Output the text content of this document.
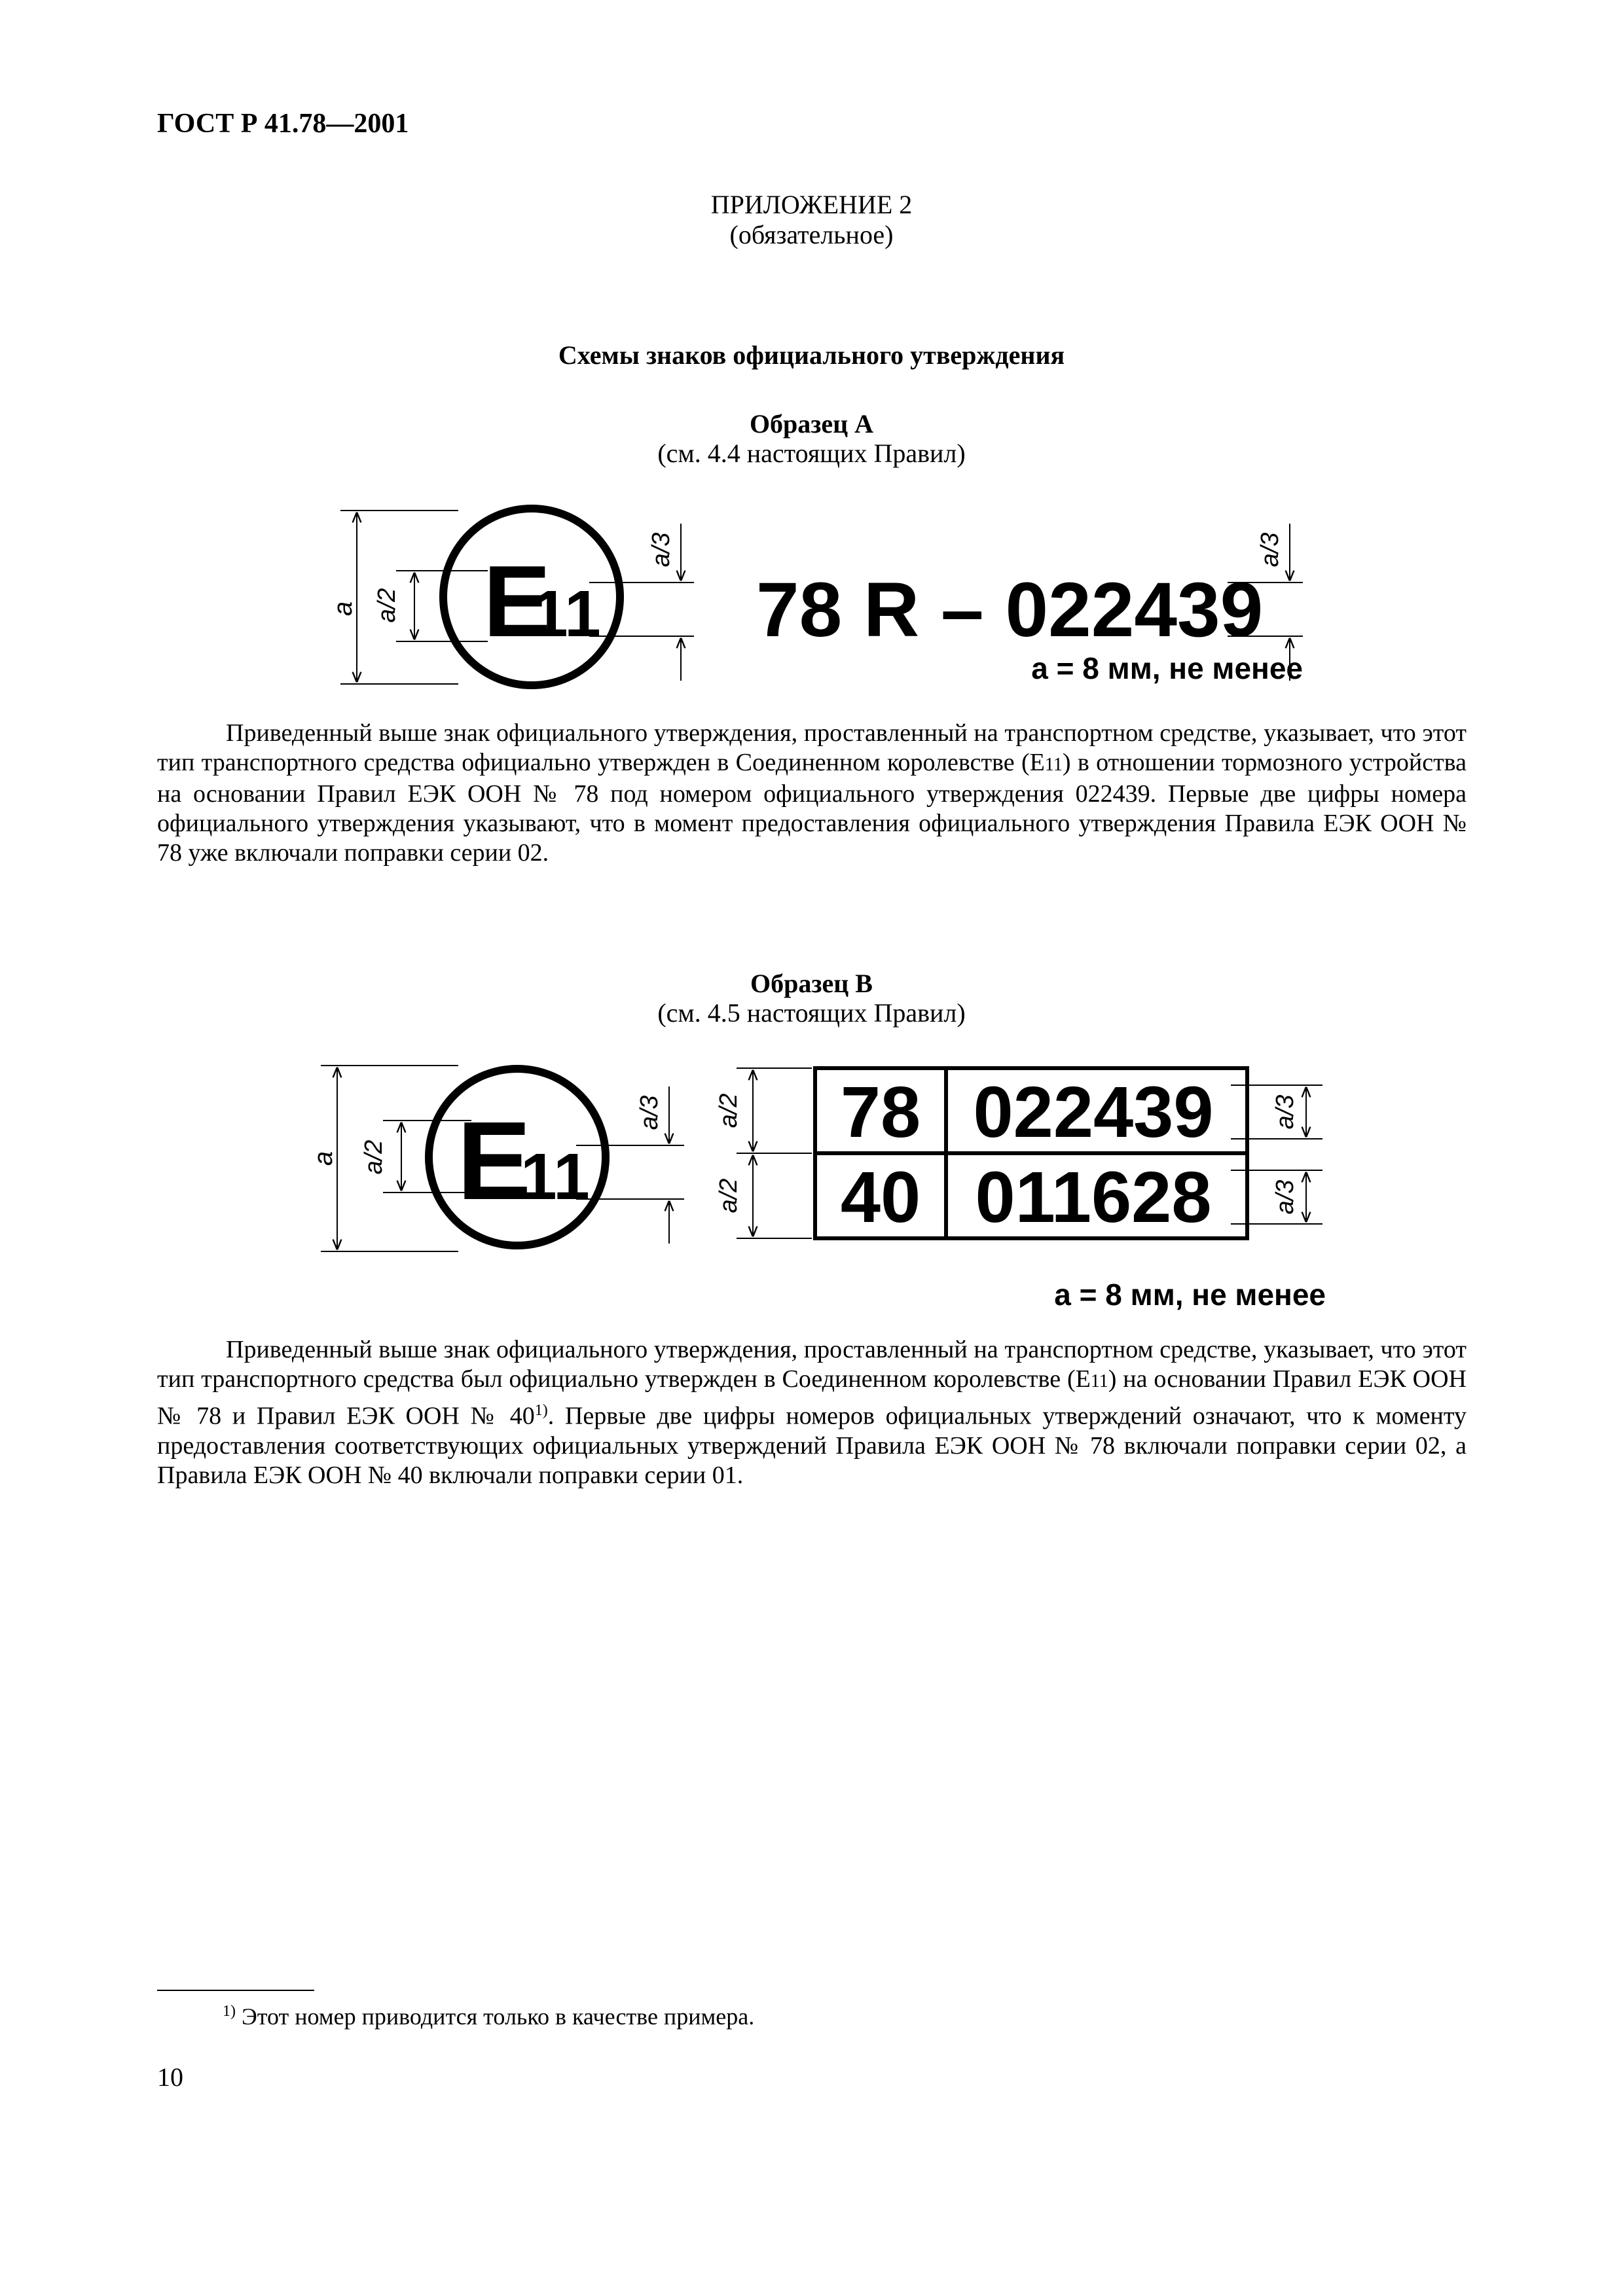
ГОСТ Р 41.78—2001
ПРИЛОЖЕНИЕ 2
(обязательное)
Схемы знаков официального утверждения
Образец А
(см. 4.4 настоящих Правил)
a a/2 E
11
a/3
78 R – 022439
a/3
a = 8 мм, не менее
Приведенный выше знак официального утверждения, проставленный на транспортном средстве, указывает, что этот тип транспортного средства официально утвержден в Соединенном королевстве (E11) в отношении тормозного устройства на основании Правил ЕЭК ООН № 78 под номером официального утверждения 022439. Первые две цифры номера официального утверждения указывают, что в момент предоставления официального утверждения Правила ЕЭК ООН № 78 уже включали поправки серии 02.
Образец В
(см. 4.5 настоящих Правил)
a a/2 E
11
a/3 a/2
a/2
78 022439
40 011628
a/3
a/3
a = 8 мм, не менее
Приведенный выше знак официального утверждения, проставленный на транспортном средстве, указывает, что этот тип транспортного средства был официально утвержден в Соединенном королевстве (E11) на основании Правил ЕЭК ООН № 78 и Правил ЕЭК ООН № 40$^{1)}$. Первые две цифры номеров официальных утверждений означают, что к моменту предоставления соответствующих официальных утверждений Правила ЕЭК ООН № 78 включали поправки серии 02, а Правила ЕЭК ООН № 40 включали поправки серии 01.
$^{1)}$ Этот номер приводится только в качестве примера.
10
